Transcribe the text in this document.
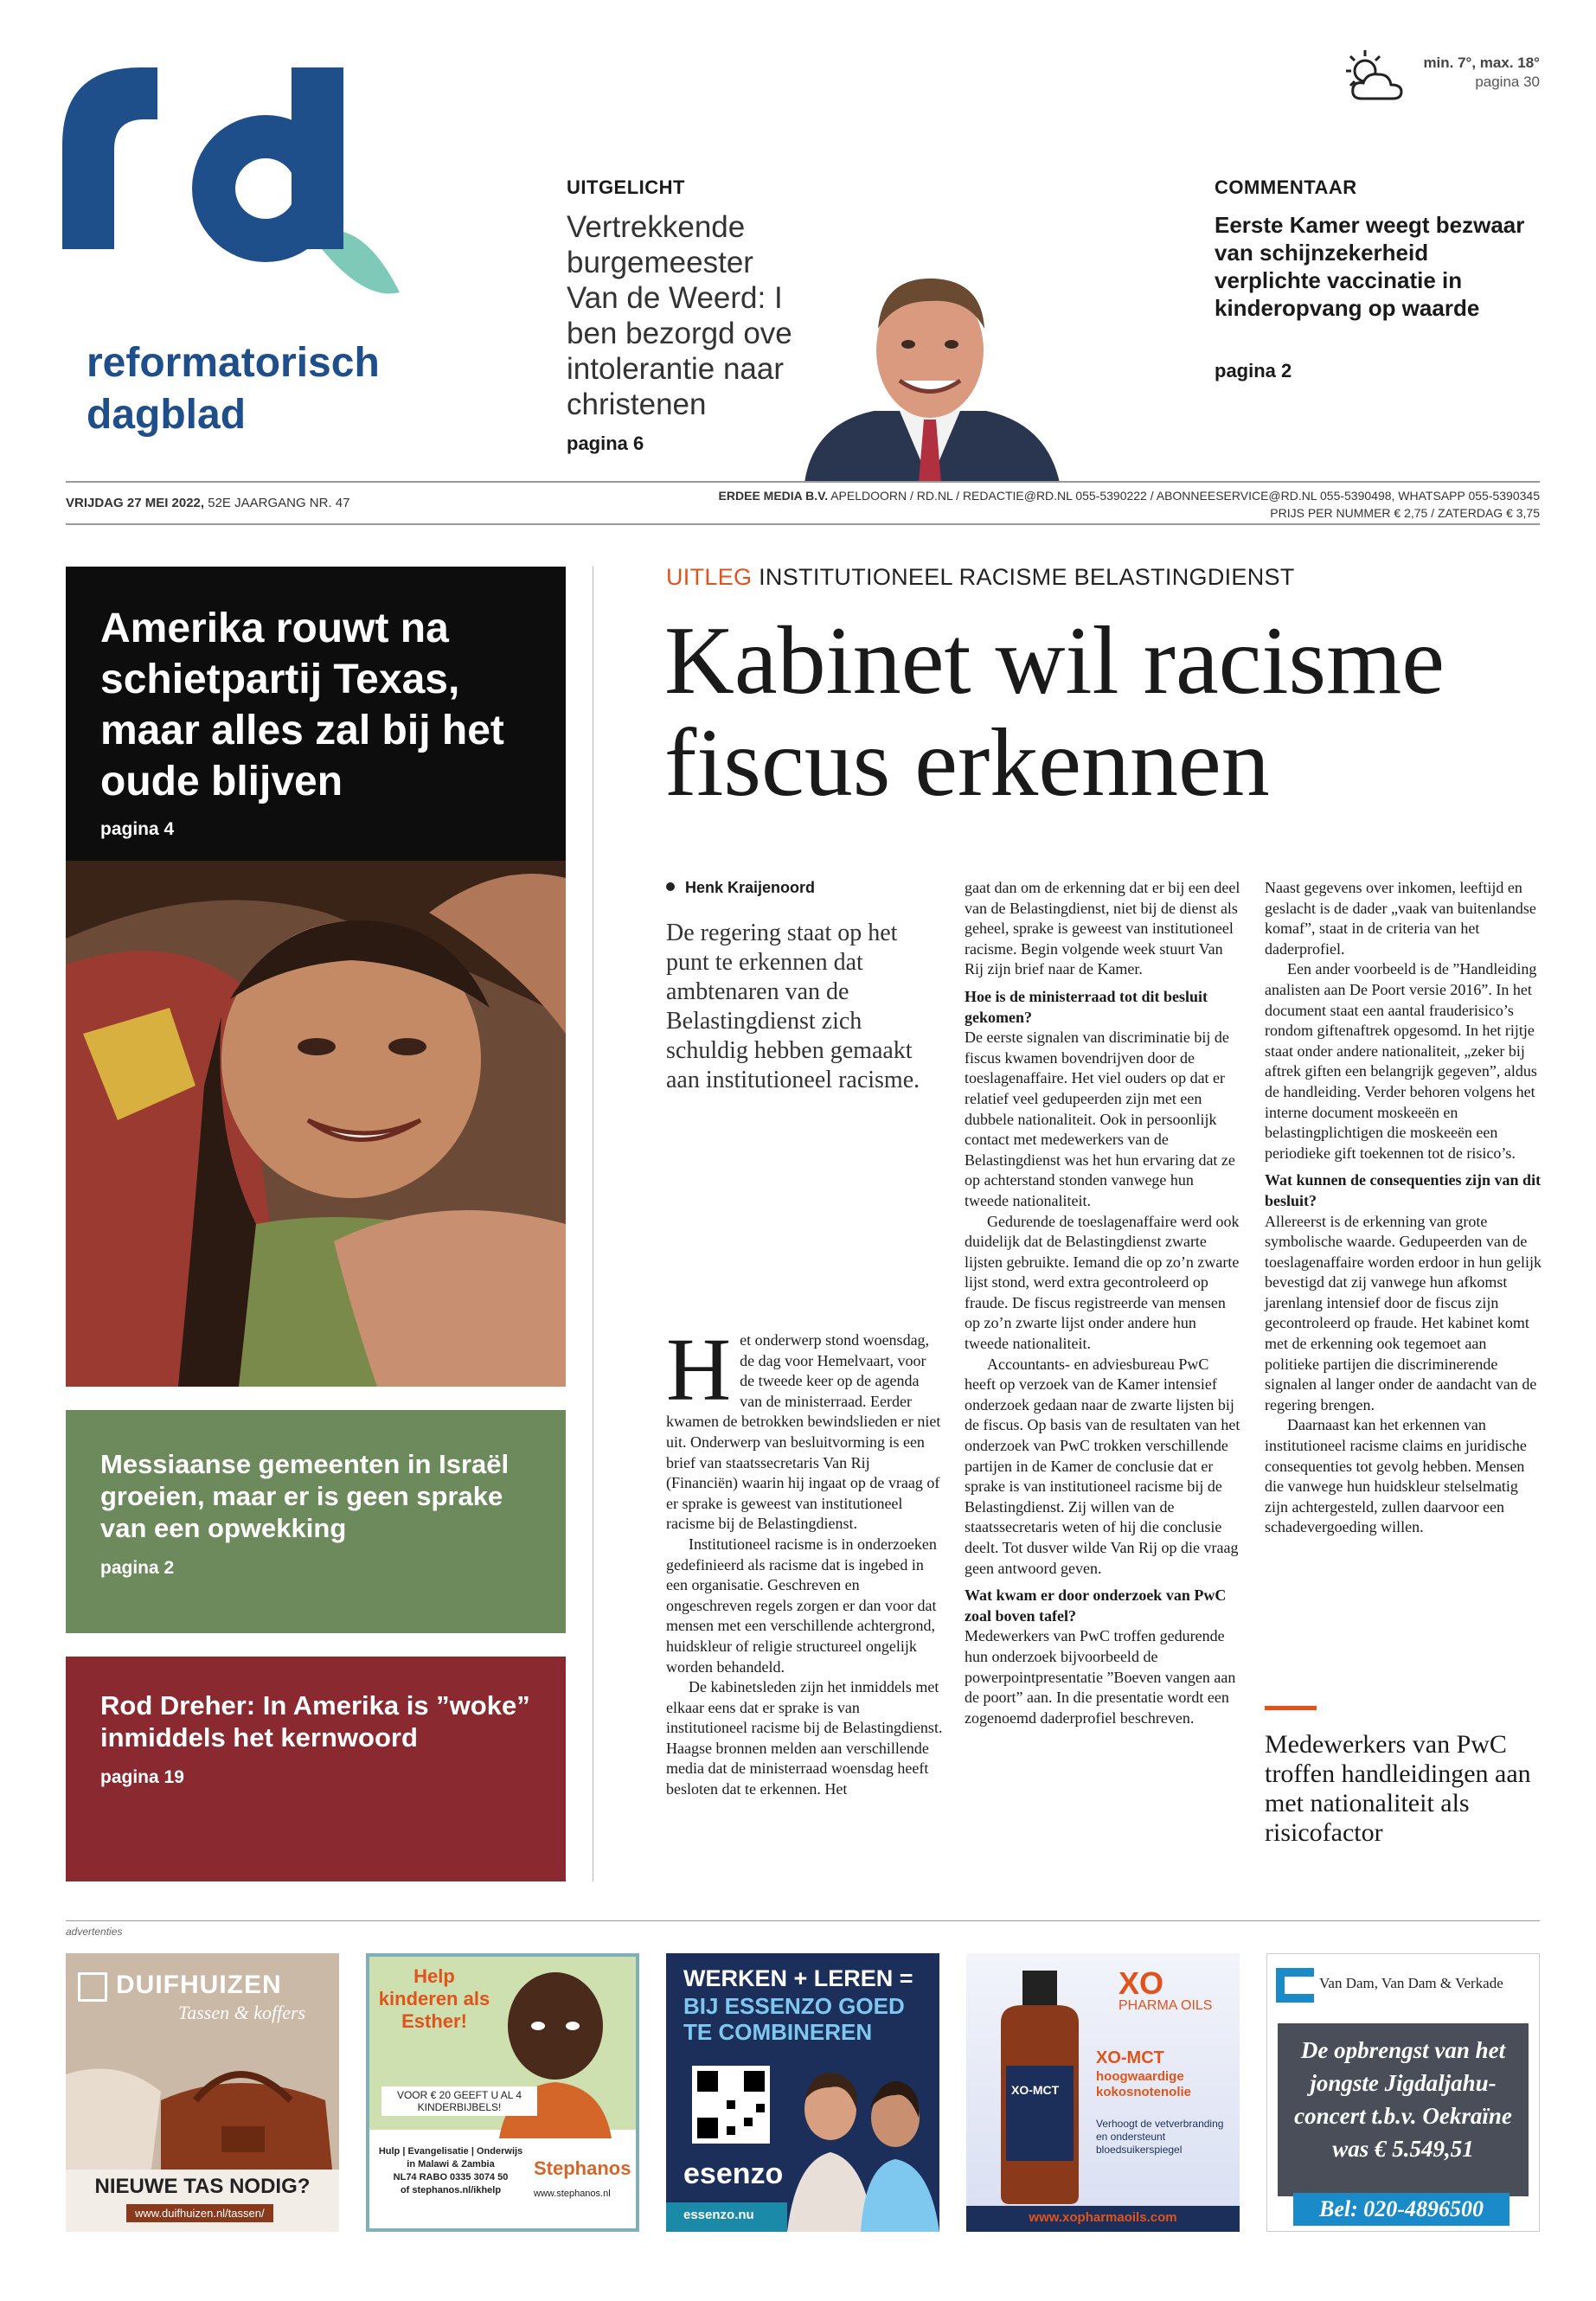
reformatorisch
dagblad
min. 7°, max. 18°
pagina 30
UITGELICHT
Vertrekkende
burgemeester
Van de Weerd: I
ben bezorgd ove
intolerantie naar
christenen
pagina 6
COMMENTAAR
Eerste Kamer weegt bezwaar van schijnzekerheid verplichte vaccinatie in kinderopvang op waarde
pagina 2
VRIJDAG 27 MEI 2022, 52E JAARGANG NR. 47	ERDEE MEDIA B.V. APELDOORN / RD.NL / REDACTIE@RD.NL 055-5390222 / ABONNEESERVICE@RD.NL 055-5390498, WHATSAPP 055-5390345
PRIJS PER NUMMER € 2,75 / ZATERDAG € 3,75
Amerika rouwt na schietpartij Texas, maar alles zal bij het oude blijven
pagina 4
Messiaanse gemeenten in Israël groeien, maar er is geen sprake van een opwekking
pagina 2
Rod Dreher: In Amerika is ”woke” inmiddels het kernwoord
pagina 19
UITLEG INSTITUTIONEEL RACISME BELASTINGDIENST
Kabinet wil racisme fiscus erkennen
Henk Kraijenoord
De regering staat op het punt te erkennen dat ambtenaren van de Belastingdienst zich schuldig hebben gemaakt aan institutioneel racisme.

Het onderwerp stond woensdag, de dag voor Hemelvaart, voor de tweede keer op de agenda van de ministerraad. Eerder kwamen de betrokken bewindslieden er niet uit. Onderwerp van besluitvorming is een brief van staatssecretaris Van Rij (Financiën) waarin hij ingaat op de vraag of er sprake is geweest van institutioneel racisme bij de Belastingdienst.

Institutioneel racisme is in onderzoeken gedefinieerd als racisme dat is ingebed in een organisatie. Geschreven en ongeschreven regels zorgen er dan voor dat mensen met een verschillende achtergrond, huidskleur of religie structureel ongelijk worden behandeld.

De kabinetsleden zijn het inmiddels met elkaar eens dat er sprake is van institutioneel racisme bij de Belastingdienst. Haagse bronnen melden aan verschillende media dat de ministerraad woensdag heeft besloten dat te erkennen. Het

gaat dan om de erkenning dat er bij een deel van de Belastingdienst, niet bij de dienst als geheel, sprake is geweest van institutioneel racisme. Begin volgende week stuurt Van Rij zijn brief naar de Kamer.

Hoe is de ministerraad tot dit besluit gekomen?

De eerste signalen van discriminatie bij de fiscus kwamen bovendrijven door de toeslagenaffaire. Het viel ouders op dat er relatief veel gedupeerden zijn met een dubbele nationaliteit. Ook in persoonlijk contact met medewerkers van de Belastingdienst was het hun ervaring dat ze op achterstand stonden vanwege hun tweede nationaliteit.

Gedurende de toeslagenaffaire werd ook duidelijk dat de Belastingdienst zwarte lijsten gebruikte. Iemand die op zo’n zwarte lijst stond, werd extra gecontroleerd op fraude. De fiscus registreerde van mensen op zo’n zwarte lijst onder andere hun tweede nationaliteit.

Accountants- en adviesbureau PwC heeft op verzoek van de Kamer intensief onderzoek gedaan naar de zwarte lijsten bij de fiscus. Op basis van de resultaten van het onderzoek van PwC trokken verschillende partijen in de Kamer de conclusie dat er sprake is van institutioneel racisme bij de Belastingdienst. Zij willen van de staatssecretaris weten of hij die conclusie deelt. Tot dusver wilde Van Rij op die vraag geen antwoord geven.

Wat kwam er door onderzoek van PwC zoal boven tafel?

Medewerkers van PwC troffen gedurende hun onderzoek bijvoorbeeld de powerpointpresentatie ”Boeven vangen aan de poort” aan. In die presentatie wordt een zogenoemd daderprofiel beschreven.

Naast gegevens over inkomen, leeftijd en geslacht is de dader „vaak van buitenlandse komaf”, staat in de criteria van het daderprofiel.

Een ander voorbeeld is de ”Handleiding analisten aan De Poort versie 2016”. In het document staat een aantal frauderisico’s rondom giftenaftrek opgesomd. In het rijtje staat onder andere nationaliteit, „zeker bij aftrek giften een belangrijk gegeven”, aldus de handleiding. Verder behoren volgens het interne document moskeeën en belastingplichtigen die moskeeën een periodieke gift toekennen tot de risico’s.

Wat kunnen de consequenties zijn van dit besluit?

Allereerst is de erkenning van grote symbolische waarde. Gedupeerden van de toeslagenaffaire worden erdoor in hun gelijk bevestigd dat zij vanwege hun afkomst jarenlang intensief door de fiscus zijn gecontroleerd op fraude. Het kabinet komt met de erkenning ook tegemoet aan politieke partijen die discriminerende signalen al langer onder de aandacht van de regering brengen.

Daarnaast kan het erkennen van institutioneel racisme claims en juridische consequenties tot gevolg hebben. Mensen die vanwege hun huidskleur stelselmatig zijn achtergesteld, zullen daarvoor een schadevergoeding willen.

Medewerkers van PwC troffen handleidingen aan met nationaliteit als risicofactor
advertenties
DUIFHUIZEN
Tassen & koffers
NIEUWE TAS NODIG?
www.duifhuizen.nl/tassen/
Help kinderen als Esther!
VOOR € 20 GEEFT U AL 4 KINDERBIJBELS!
Hulp | Evangelisatie | Onderwijs
in Malawi & Zambia
NL74 RABO 0335 3074 50
of stephanos.nl/ikhelp
Stephanos
www.stephanos.nl
WERKEN + LEREN =
BIJ ESSENZO GOED TE COMBINEREN
esenzo
essenzo.nu
XO-MCT
XO
PHARMA OILS
XO-MCT
hoogwaardige kokosnotenolie
Verhoogt de vetverbranding en ondersteunt bloedsuikerspiegel
www.xopharmaoils.com
Van Dam, Van Dam & Verkade
De opbrengst van het jongste Jigdaljahu-concert t.b.v. Oekraïne was € 5.549,51
Bel: 020-4896500
